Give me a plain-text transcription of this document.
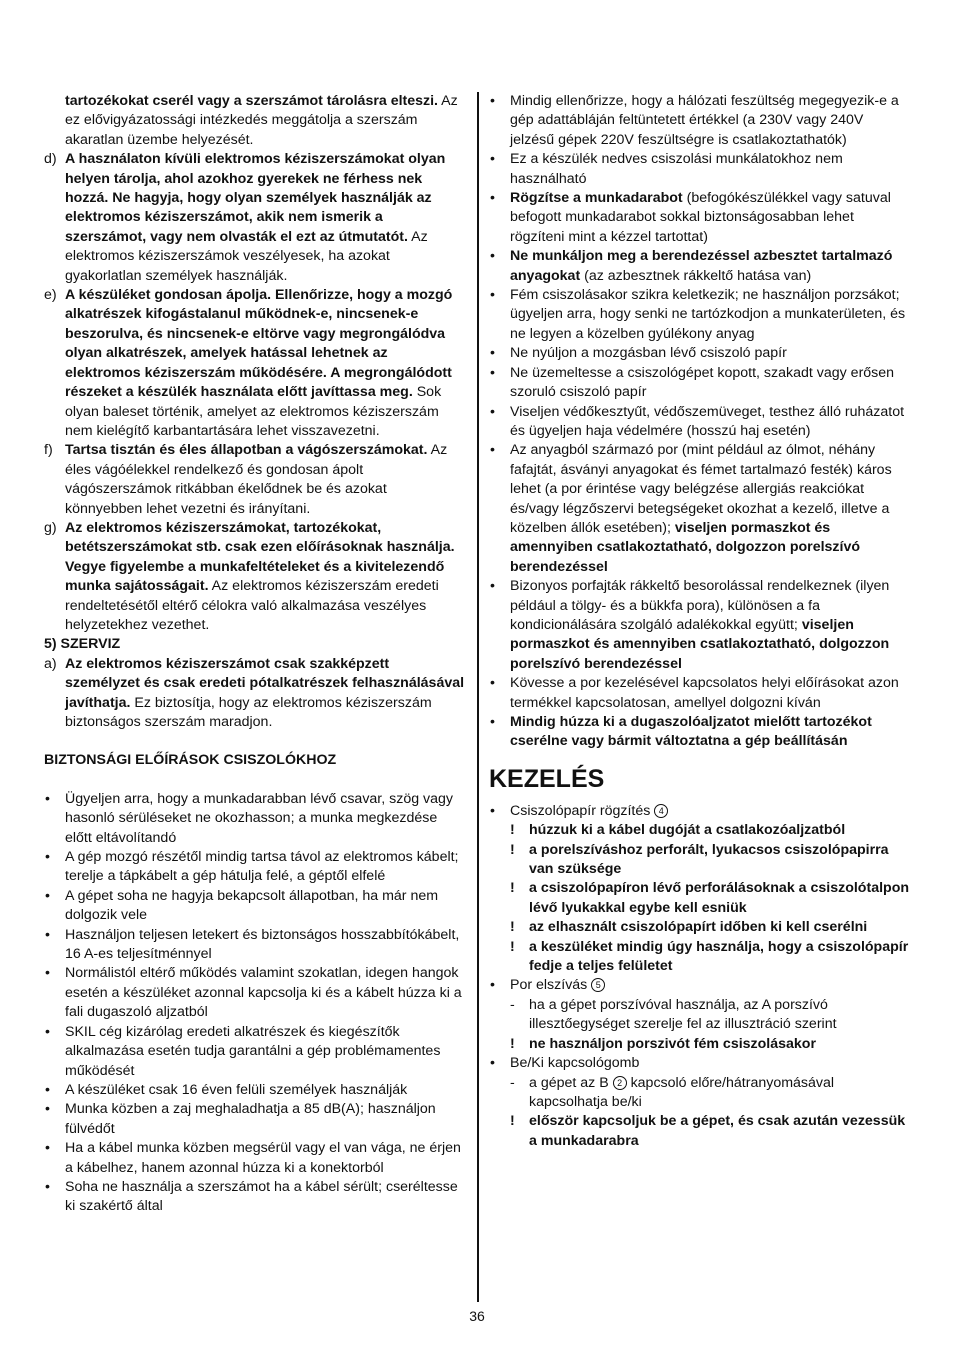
tartozékokat cserél vagy a szerszámot tárolásra elteszi. Az ez elővigyázatossági intézkedés meggátolja a szerszám akaratlan üzembe helyezését.

d) A használaton kívüli elektromos kéziszerszámokat olyan helyen tárolja, ahol azokhoz gyerekek ne férhess nek hozzá. Ne hagyja, hogy olyan személyek használják az elektromos kéziszerszámot, akik nem ismerik a szerszámot, vagy nem olvasták el ezt az útmutatót. Az elektromos kéziszerszámok veszélyesek, ha azokat gyakorlatlan személyek használják.
e) A készüléket gondosan ápolja. Ellenőrizze, hogy a mozgó alkatrészek kifogástalanul működnek-e, nincsenek-e beszorulva, és nincsenek-e eltörve vagy megrongálódva olyan alkatrészek, amelyek hatással lehetnek az elektromos kéziszerszám működésére. A megrongálódott részeket a készülék használata előtt javíttassa meg. Sok olyan baleset történik, amelyet az elektromos kéziszerszám nem kielégítő karbantartására lehet visszavezetni.
f) Tartsa tisztán és éles állapotban a vágószerszámokat. Az éles vágóélekkel rendelkező és gondosan ápolt vágószerszámok ritkábban ékelődnek be és azokat könnyebben lehet vezetni és irányítani.
g) Az elektromos kéziszerszámokat, tartozékokat, betétszerszámokat stb. csak ezen előírásoknak használja. Vegye figyelembe a munkafeltételeket és a kivitelezendő munka sajátosságait. Az elektromos kéziszerszám eredeti rendeltetésétől eltérő célokra való alkalmazása veszélyes helyzetekhez vezethet.

5) SZERVIZ

a) Az elektromos kéziszerszámot csak szakképzett személyzet és csak eredeti pótalkatrészek felhasználásával javíthatja. Ez biztosítja, hogy az elektromos kéziszerszám biztonságos szerszám maradjon.

BIZTONSÁGI ELŐÍRÁSOK CSISZOLÓKHOZ

• Ügyeljen arra, hogy a munkadarabban lévő csavar, szög vagy hasonló sérüléseket ne okozhasson; a munka megkezdése előtt eltávolítandó
• A gép mozgó részétől mindig tartsa távol az elektromos kábelt; terelje a tápkábelt a gép hátulja felé, a géptől elfelé
• A gépet soha ne hagyja bekapcsolt állapotban, ha már nem dolgozik vele
• Használjon teljesen letekert és biztonságos hosszabbítókábelt, 16 A-es teljesítménnyel
• Normálistól eltérő működés valamint szokatlan, idegen hangok esetén a készüléket azonnal kapcsolja ki és a kábelt húzza ki a fali dugaszoló aljzatból
• SKIL cég kizárólag eredeti alkatrészek és kiegészítők alkalmazása esetén tudja garantálni a gép problémamentes működését
• A készüléket csak 16 éven felüli személyek használják
• Munka közben a zaj meghaladhatja a 85 dB(A); használjon fülvédőt
• Ha a kábel munka közben megsérül vagy el van vága, ne érjen a kábelhez, hanem azonnal húzza ki a konektorból
• Soha ne használja a szerszámot ha a kábel sérült; cseréltesse ki szakértő által
• Mindig ellenőrizze, hogy a hálózati feszültség megegyezik-e a gép adattábláján feltüntetett értékkel (a 230V vagy 240V jelzésű gépek 220V feszültségre is csatlakoztathatók)
• Ez a készülék nedves csiszolási munkálatokhoz nem használható
• Rögzítse a munkadarabot (befogókészülékkel vagy satuval befogott munkadarabot sokkal biztonságosabban lehet rögzíteni mint a kézzel tartottat)
• Ne munkáljon meg a berendezéssel azbesztet tartalmazó anyagokat (az azbesztnek rákkeltő hatása van)
• Fém csiszolásakor szikra keletkezik; ne használjon porzsákot; ügyeljen arra, hogy senki ne tartózkodjon a munkaterületen, és ne legyen a közelben gyúlékony anyag
• Ne nyúljon a mozgásban lévő csiszoló papír
• Ne üzemeltesse a csiszológépet kopott, szakadt vagy erősen szoruló csiszoló papír
• Viseljen védőkesztyűt, védőszemüveget, testhez álló ruházatot és ügyeljen haja védelmére (hosszú haj esetén)
• Az anyagból származó por (mint például az ólmot, néhány fafajtát, ásványi anyagokat és fémet tartalmazó festék) káros lehet (a por érintése vagy belégzése allergiás reakciókat és/vagy légzőszervi betegségeket okozhat a kezelő, illetve a közelben állók esetében); viseljen pormaszkot és amennyiben csatlakoztatható, dolgozzon porelszívó berendezéssel
• Bizonyos porfajták rákkeltő besorolással rendelkeznek (ilyen például a tölgy- és a bükkfa pora), különösen a fa kondicionálására szolgáló adalékokkal együtt; viseljen pormaszkot és amennyiben csatlakoztatható, dolgozzon porelszívó berendezéssel
• Kövesse a por kezelésével kapcsolatos helyi előírásokat azon termékkel kapcsolatosan, amellyel dolgozni kíván
• Mindig húzza ki a dugaszolóaljzatot mielőtt tartozékot cserélne vagy bármit változtatna a gép beállításán
KEZELÉS
• Csiszolópapír rögzítés 4
! húzzuk ki a kábel dugóját a csatlakozóaljzatból
! a porelszíváshoz perforált, lyukacsos csiszolópapirra van szüksége
! a csiszolópapíron lévő perforálásoknak a csiszolótalpon lévő lyukakkal egybe kell esniük
! az elhasznált csiszolópapírt időben ki kell cserélni
! a keszüléket mindig úgy használja, hogy a csiszolópapír fedje a teljes felületet
• Por elszívás 5
- ha a gépet porszívóval használja, az A porszívó illesztőegységet szerelje fel az illusztráció szerint
! ne használjon porszivót fém csiszolásakor
• Be/Ki kapcsológomb
- a gépet az B 2 kapcsoló előre/hátranyomásával kapcsolhatja be/ki
! először kapcsoljuk be a gépet, és csak azután vezessük a munkadarabra
36
